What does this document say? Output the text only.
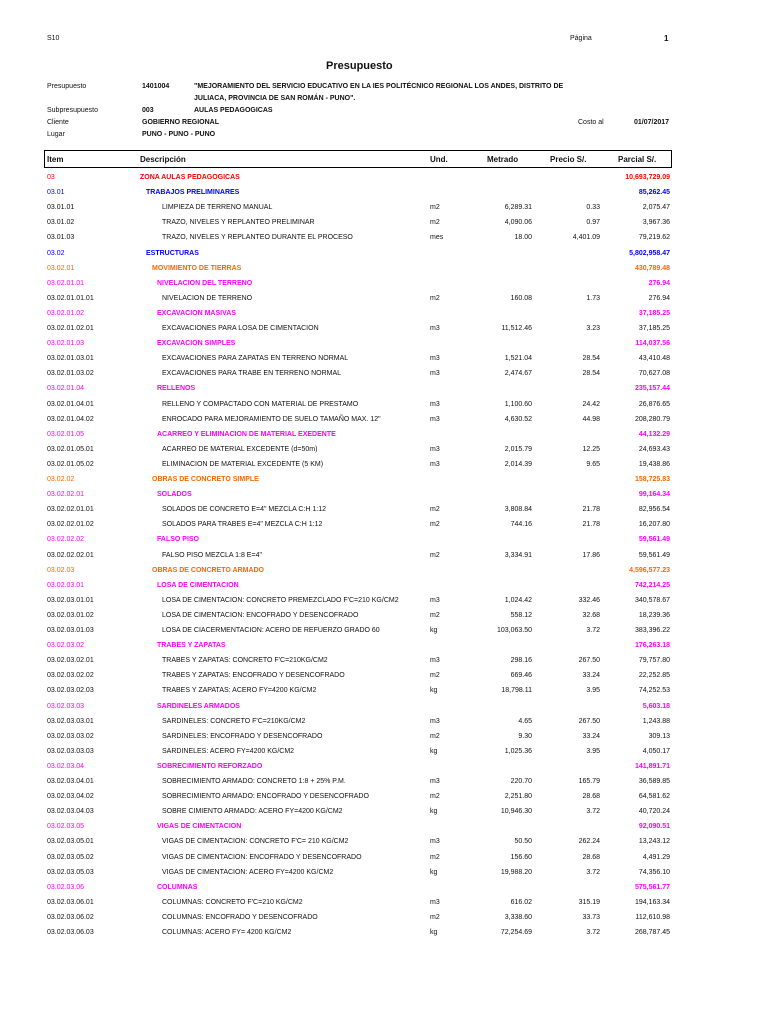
S10	Página	1
Presupuesto
Presupuesto	1401004	"MEJORAMIENTO DEL SERVICIO EDUCATIVO EN LA IES POLITÉCNICO REGIONAL LOS ANDES, DISTRITO DE
JULIACA, PROVINCIA DE SAN ROMÁN - PUNO".
Subpresupuesto	003	AULAS PEDAGOGICAS
Cliente	GOBIERNO REGIONAL	Costo al	01/07/2017
Lugar	PUNO - PUNO - PUNO
Item	Descripción	Und.	Metrado	Precio S/.	Parcial S/.
03	ZONA AULAS PEDAGOGICAS	10,693,729.09
03.01	TRABAJOS PRELIMINARES	85,262.45
03.01.01	LIMPIEZA DE TERRENO MANUAL	m2	6,289.31	0.33	2,075.47
03.01.02	TRAZO, NIVELES Y REPLANTEO PRELIMINAR	m2	4,090.06	0.97	3,967.36
03.01.03	TRAZO, NIVELES Y REPLANTEO DURANTE EL PROCESO	mes	18.00	4,401.09	79,219.62
03.02	ESTRUCTURAS	5,802,958.47
03.02.01	MOVIMIENTO DE TIERRAS	430,789.48
03.02.01.01	NIVELACION DEL TERRENO	276.94
03.02.01.01.01	NIVELACION DE TERRENO	m2	160.08	1.73	276.94
03.02.01.02	EXCAVACION MASIVAS	37,185.25
03.02.01.02.01	EXCAVACIONES PARA LOSA DE CIMENTACION	m3	11,512.46	3.23	37,185.25
03.02.01.03	EXCAVACION SIMPLES	114,037.56
03.02.01.03.01	EXCAVACIONES PARA ZAPATAS EN TERRENO NORMAL	m3	1,521.04	28.54	43,410.48
03.02.01.03.02	EXCAVACIONES PARA TRABE EN TERRENO NORMAL	m3	2,474.67	28.54	70,627.08
03.02.01.04	RELLENOS	235,157.44
03.02.01.04.01	RELLENO Y COMPACTADO CON MATERIAL DE PRESTAMO	m3	1,100.60	24.42	26,876.65
03.02.01.04.02	ENROCADO PARA MEJORAMIENTO DE SUELO TAMAÑO MAX. 12"	m3	4,630.52	44.98	208,280.79
03.02.01.05	ACARREO Y ELIMINACION DE MATERIAL EXEDENTE	44,132.29
03.02.01.05.01	ACARREO DE MATERIAL EXCEDENTE (d=50m)	m3	2,015.79	12.25	24,693.43
03.02.01.05.02	ELIMINACION DE MATERIAL EXCEDENTE (5 KM)	m3	2,014.39	9.65	19,438.86
03.02.02	OBRAS DE CONCRETO SIMPLE	158,725.83
03.02.02.01	SOLADOS	99,164.34
03.02.02.01.01	SOLADOS DE CONCRETO E=4" MEZCLA C:H 1:12	m2	3,808.84	21.78	82,956.54
03.02.02.01.02	SOLADOS PARA TRABES E=4" MEZCLA C:H 1:12	m2	744.16	21.78	16,207.80
03.02.02.02	FALSO PISO	59,561.49
03.02.02.02.01	FALSO PISO MEZCLA 1:8 E=4"	m2	3,334.91	17.86	59,561.49
03.02.03	OBRAS DE CONCRETO ARMADO	4,596,577.23
03.02.03.01	LOSA DE CIMENTACION	742,214.25
03.02.03.01.01	LOSA DE CIMENTACION: CONCRETO PREMEZCLADO F'C=210 KG/CM2	m3	1,024.42	332.46	340,578.67
03.02.03.01.02	LOSA DE CIMENTACION: ENCOFRADO Y DESENCOFRADO	m2	558.12	32.68	18,239.36
03.02.03.01.03	LOSA DE CIACERMENTACION: ACERO DE REFUERZO GRADO 60	kg	103,063.50	3.72	383,396.22
03.02.03.02	TRABES Y ZAPATAS	176,263.18
03.02.03.02.01	TRABES Y ZAPATAS: CONCRETO F'C=210KG/CM2	m3	298.16	267.50	79,757.80
03.02.03.02.02	TRABES Y ZAPATAS: ENCOFRADO Y DESENCOFRADO	m2	669.46	33.24	22,252.85
03.02.03.02.03	TRABES Y ZAPATAS: ACERO FY=4200 KG/CM2	kg	18,798.11	3.95	74,252.53
03.02.03.03	SARDINELES ARMADOS	5,603.18
03.02.03.03.01	SARDINELES: CONCRETO F'C=210KG/CM2	m3	4.65	267.50	1,243.88
03.02.03.03.02	SARDINELES: ENCOFRADO Y DESENCOFRADO	m2	9.30	33.24	309.13
03.02.03.03.03	SARDINELES: ACERO FY=4200 KG/CM2	kg	1,025.36	3.95	4,050.17
03.02.03.04	SOBRECIMIENTO REFORZADO	141,891.71
03.02.03.04.01	SOBRECIMIENTO ARMADO: CONCRETO 1:8 + 25% P.M.	m3	220.70	165.79	36,589.85
03.02.03.04.02	SOBRECIMIENTO ARMADO: ENCOFRADO Y DESENCOFRADO	m2	2,251.80	28.68	64,581.62
03.02.03.04.03	SOBRE CIMIENTO ARMADO: ACERO FY=4200 KG/CM2	kg	10,946.30	3.72	40,720.24
03.02.03.05	VIGAS DE CIMENTACION	92,090.51
03.02.03.05.01	VIGAS DE CIMENTACION: CONCRETO F'C= 210 KG/CM2	m3	50.50	262.24	13,243.12
03.02.03.05.02	VIGAS DE CIMENTACION: ENCOFRADO Y DESENCOFRADO	m2	156.60	28.68	4,491.29
03.02.03.05.03	VIGAS DE CIMENTACION: ACERO FY=4200 KG/CM2	kg	19,988.20	3.72	74,356.10
03.02.03.06	COLUMNAS	575,561.77
03.02.03.06.01	COLUMNAS: CONCRETO F'C=210 KG/CM2	m3	616.02	315.19	194,163.34
03.02.03.06.02	COLUMNAS: ENCOFRADO Y DESENCOFRADO	m2	3,338.60	33.73	112,610.98
03.02.03.06.03	COLUMNAS: ACERO FY= 4200 KG/CM2	kg	72,254.69	3.72	268,787.45
